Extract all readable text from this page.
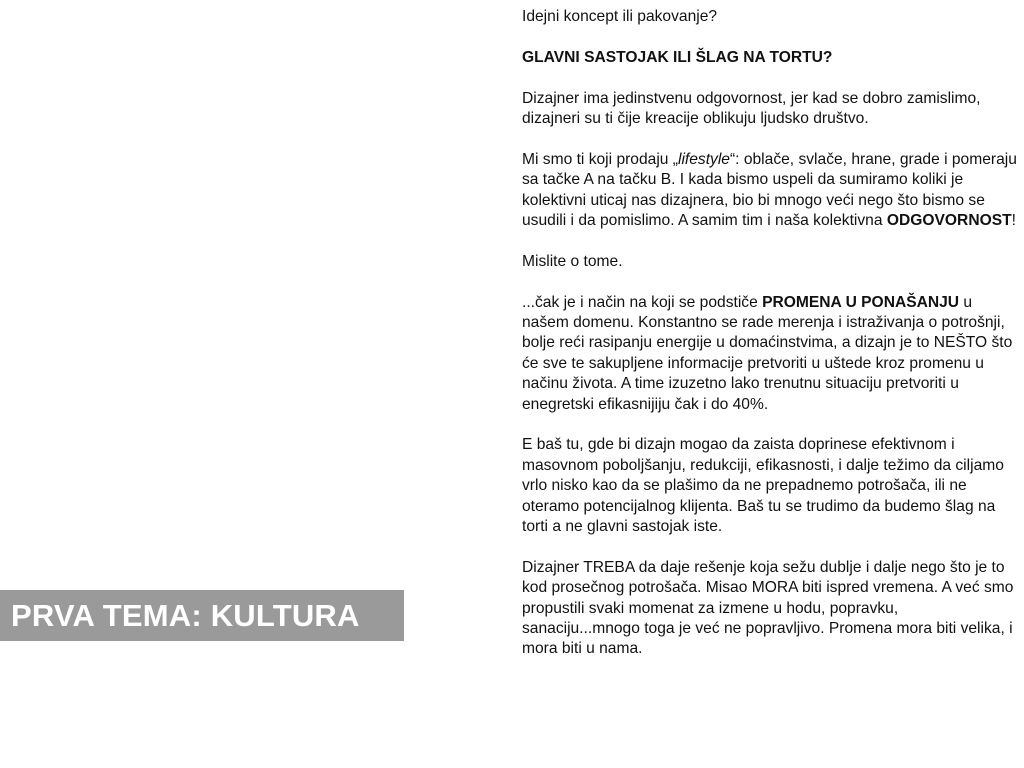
PRVA TEMA: KULTURA

Idejni koncept ili pakovanje?

GLAVNI SASTOJAK ILI ŠLAG NA TORTU?

Dizajner ima jedinstvenu odgovornost, jer kad se dobro zamislimo, dizajneri su ti čije kreacije oblikuju ljudsko društvo.

Mi smo ti koji prodaju „lifestyle“: oblače, svlače, hrane, grade i pomeraju sa tačke A na tačku B. I kada bismo uspeli da sumiramo koliki je kolektivni uticaj nas dizajnera, bio bi mnogo veći nego što bismo se usudili i da pomislimo. A samim tim i naša kolektivna ODGOVORNOST!

Mislite o tome.

...čak je i način na koji se podstiče PROMENA U PONAŠANJU u našem domenu. Konstantno se rade merenja i istraživanja o potrošnji, bolje reći rasipanju energije u domaćinstvima, a dizajn je to NEŠTO što će sve te sakupljene informacije pretvoriti u uštede kroz promenu u načinu života. A time izuzetno lako trenutnu situaciju pretvoriti u enegretski efikasnijiju čak i do 40%.

E baš tu, gde bi dizajn mogao da zaista doprinese efektivnom i masovnom poboljšanju, redukciji, efikasnosti, i dalje težimo da ciljamo vrlo nisko kao da se plašimo da ne prepadnemo potrošača, ili ne oteramo potencijalnog klijenta. Baš tu se trudimo da budemo šlag na torti a ne glavni sastojak iste.

Dizajner TREBA da daje rešenje koja sežu dublje i dalje nego što je to kod prosečnog potrošača. Misao MORA biti ispred vremena. A već smo propustili svaki momenat za izmene u hodu, popravku, sanaciju...mnogo toga je već ne popravljivo. Promena mora biti velika, i mora biti u nama.
